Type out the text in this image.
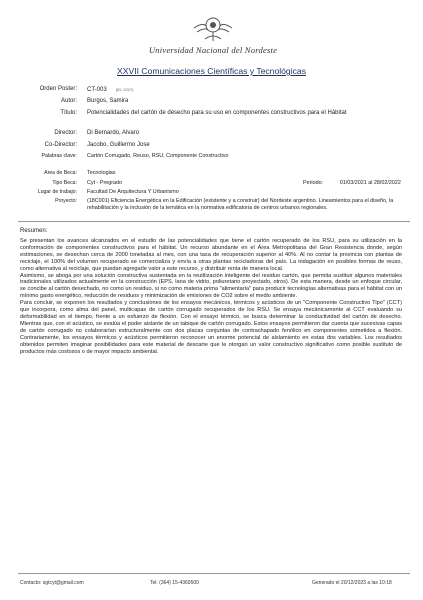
Universidad Nacional del Nordeste
XXVII Comunicaciones Científicas y Tecnológicas
Orden Poster: CT-003 (ID: 2217)
Autor: Burgos, Samira
Título: Potencialidades del cartón de desecho para su uso en componentes constructivos para el Hábitat
Director: Di Bernardo, Alvaro
Co-Director: Jacobo, Guillermo Jose
Palabras clave: Cartón Corrugado, Reuso, RSU, Componente Constructivo
Area de Beca: Tecnologias
Tipo Beca: Cyt - Pregrado	Periodo:	01/03/2021 al 28/02/2022
Lugar de trabajo: Facultad De Arquitectura Y Urbanismo
Proyecto: (18C001) Eficiencia Energética en la Edificación (existente y a construir) del Nordeste argentino. Lineamientos para el diseño, la rehabilitación y la inclusión de la temática en la normativa edificatoria de centros urbanos regionales.
Resumen:

Se presentan los avances alcanzados en el estudio de las potencialidades que tiene el cartón recuperado de los RSU, para su utilización en la conformación de componentes constructivos para el hábitat. Un recurso abundante en el Área Metropolitana del Gran Resistencia donde, según estimaciones, se desechan cerca de 2000 toneladas al mes, con una tasa de recuperación superior al 40%. Al no contar la provincia con plantas de reciclaje, el 100% del volumen recuperado se comercializa y envía a otras plantas recicladoras del país. La indagación en posibles formas de reuso, como alternativa al reciclaje, que puedan agregarle valor a este recurso, y distribuir renta de manera local.

Asimismo, se aboga por una solución constructiva sustentada en la reutilización inteligente del residuo cartón, que permita sustituir algunos materiales tradicionales utilizados actualmente en la construcción (EPS, lana de vidrio, poliuretano proyectado, otros). De esta manera, desde un enfoque circular, se concibe al cartón desechado, no como un residuo, si no como materia prima "alimentaria" para producir tecnologías alternativas para el hábitat con un mínimo gasto energético, reducción de residuos y minimización de emisiones de CO2 sobre el medio ambiente.

Para concluir, se exponen los resultados y conclusiones de los ensayos mecánicos, térmicos y acústicos de un "Componente Constructivo Tipo" (CCT) que incorpora, como alma del panel, multicapas de cartón corrugado recuperados de los RSU. Se ensaya mecánicamente al CCT evaluando su deformabilidad en el tiempo, frente a un esfuerzo de flexión. Con el ensayo térmico, se busca determinar la conductividad del cartón de desecho. Mientras que, con el acústico, se evalúa el poder aislante de un tabique de cartón corrugado. Estos ensayos permitieron dar cuenta que sucesivas capas de cartón corrugado no colaborarían estructuralmente con dos placas conjuntas de contrachapado fenólico en componentes sometidos a flexión. Contrariamente, los ensayos térmicos y acústicos permitieron reconocer un enorme potencial de aislamiento en estas dos variables. Los resultados obtenidos permiten imaginar posibilidades para este material de descarte que le otorgan un valor constructivo significativo como posible sustituto de productos más costosos o de mayor impacto ambiental.

Contacto: sgtcyt@gmail.com	Tel: (364) 15-4369500	Generado el 20/12/2023 a las 10:18
